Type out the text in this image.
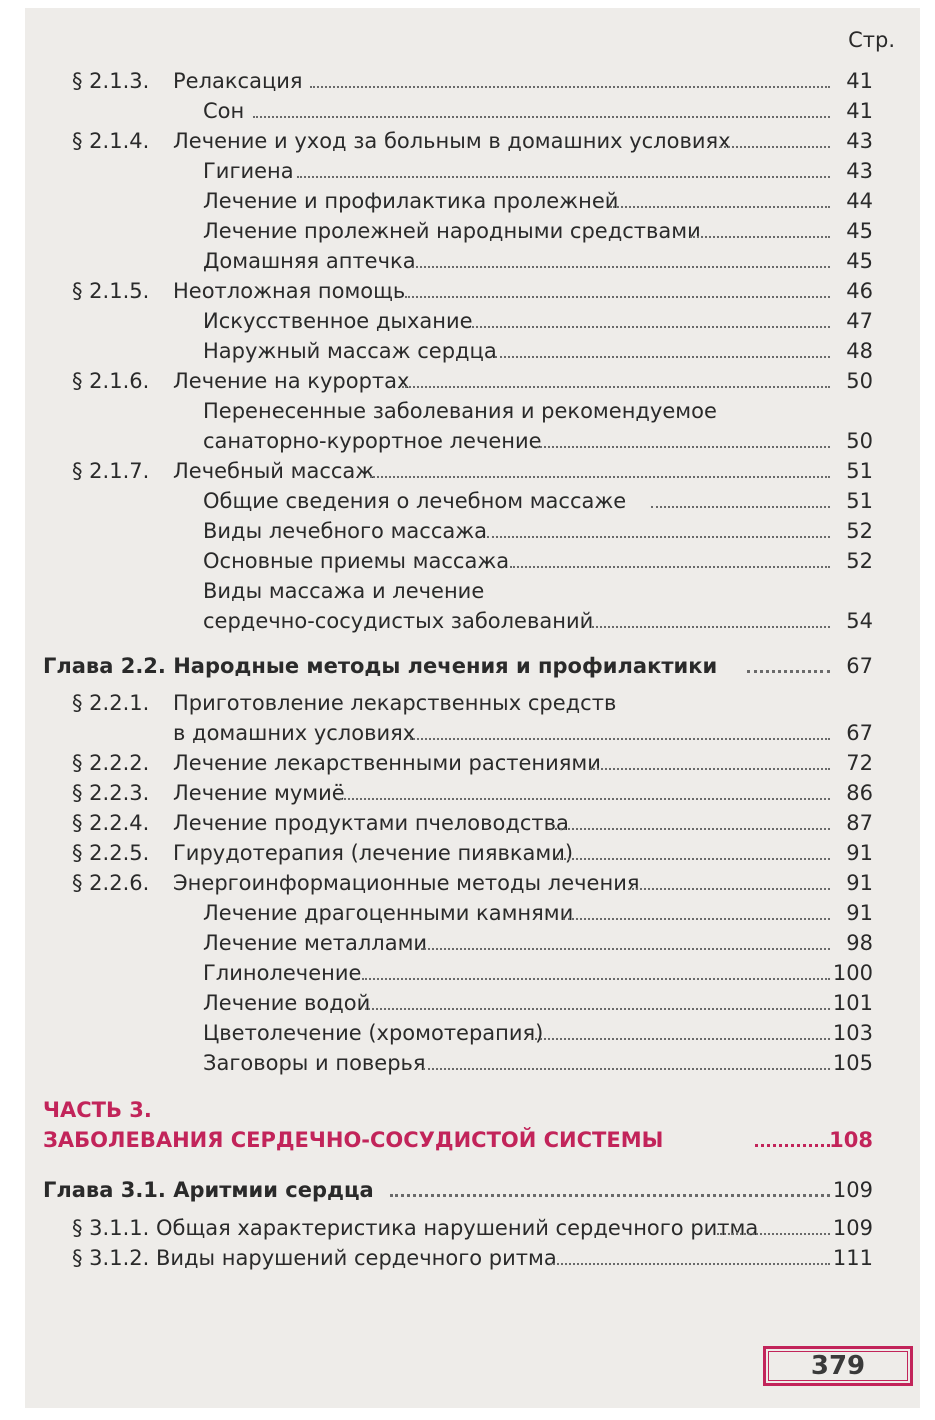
Стр.
§ 2.1.3. Релаксация	41
Сон	41
§ 2.1.4. Лечение и уход за больным в домашних условиях	43
Гигиена	43
Лечение и профилактика пролежней	44
Лечение пролежней народными средствами	45
Домашняя аптечка	45
§ 2.1.5. Неотложная помощь	46
Искусственное дыхание	47
Наружный массаж сердца	48
§ 2.1.6. Лечение на курортах	50
Перенесенные заболевания и рекомендуемое
санаторно-курортное лечение	50
§ 2.1.7. Лечебный массаж	51
Общие сведения о лечебном массаже	51
Виды лечебного массажа	52
Основные приемы массажа	52
Виды массажа и лечение
сердечно-сосудистых заболеваний	54
Глава 2.2. Народные методы лечения и профилактики	67
§ 2.2.1. Приготовление лекарственных средств
в домашних условиях	67
§ 2.2.2. Лечение лекарственными растениями	72
§ 2.2.3. Лечение мумиё	86
§ 2.2.4. Лечение продуктами пчеловодства	87
§ 2.2.5. Гирудотерапия (лечение пиявками)	91
§ 2.2.6. Энергоинформационные методы лечения	91
Лечение драгоценными камнями	91
Лечение металлами	98
Глинолечение	100
Лечение водой	101
Цветолечение (хромотерапия)	103
Заговоры и поверья	105
ЧАСТЬ 3.
ЗАБОЛЕВАНИЯ СЕРДЕЧНО-СОСУДИСТОЙ СИСТЕМЫ	108
Глава 3.1. Аритмии сердца	109
§ 3.1.1. Общая характеристика нарушений сердечного ритма	109
§ 3.1.2. Виды нарушений сердечного ритма	111
379
